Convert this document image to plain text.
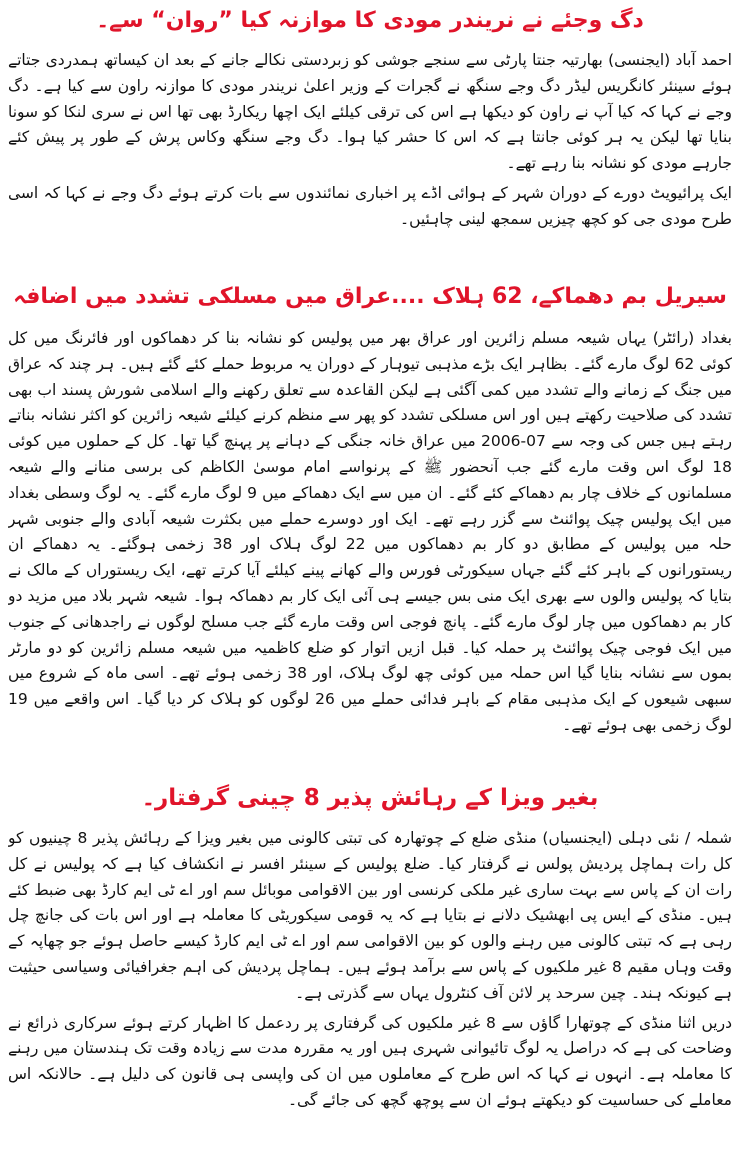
دگ وجئے نے نریندر مودی کا موازنہ کیا ”روان“ سے۔

احمد آباد (ایجنسی) بھارتیہ جنتا پارٹی سے سنجے جوشی کو زبردستی نکالے جانے کے بعد ان کیساتھ ہمدردی جتاتے ہوئے سینئر کانگریس لیڈر دگ وجے سنگھ نے گجرات کے وزیر اعلیٰ نریندر مودی کا موازنہ راون سے کیا ہے۔ دگ وجے نے کہا کہ کیا آپ نے راون کو دیکھا ہے اس کی ترقی کیلئے ایک اچھا ریکارڈ بھی تھا اس نے سری لنکا کو سونا بنایا تھا لیکن یہ ہر کوئی جانتا ہے کہ اس کا حشر کیا ہوا۔ دگ وجے سنگھ وکاس پرش کے طور پر پیش کئے جارہے مودی کو نشانہ بنا رہے تھے۔

ایک پرائیویٹ دورے کے دوران شہر کے ہوائی اڈے پر اخباری نمائندوں سے بات کرتے ہوئے دگ وجے نے کہا کہ اسی طرح مودی جی کو کچھ چیزیں سمجھ لینی چاہئیں۔

سیریل بم دھماکے، 62 ہلاک ....عراق میں مسلکی تشدد میں اضافہ

بغداد (رائٹر) یہاں شیعہ مسلم زائرین اور عراق بھر میں پولیس کو نشانہ بنا کر دھماکوں اور فائرنگ میں کل کوئی 62 لوگ مارے گئے۔ بظاہر ایک بڑے مذہبی تیوہار کے دوران یہ مربوط حملے کئے گئے ہیں۔ ہر چند کہ عراق میں جنگ کے زمانے والے تشدد میں کمی آگئی ہے لیکن القاعدہ سے تعلق رکھنے والے اسلامی شورش پسند اب بھی تشدد کی صلاحیت رکھتے ہیں اور اس مسلکی تشدد کو پھر سے منظم کرنے کیلئے شیعہ زائرین کو اکثر نشانہ بناتے رہتے ہیں جس کی وجہ سے 07-2006 میں عراق خانہ جنگی کے دہانے پر پہنچ گیا تھا۔ کل کے حملوں میں کوئی 18 لوگ اس وقت مارے گئے جب آنحضور ﷺ کے پرنواسے امام موسیٰ الکاظم کی برسی منانے والے شیعہ مسلمانوں کے خلاف چار بم دھماکے کئے گئے۔ ان میں سے ایک دھماکے میں 9 لوگ مارے گئے۔ یہ لوگ وسطی بغداد میں ایک پولیس چیک پوائنٹ سے گزر رہے تھے۔ ایک اور دوسرے حملے میں بکثرت شیعہ آبادی والے جنوبی شہر حلہ میں پولیس کے مطابق دو کار بم دھماکوں میں 22 لوگ ہلاک اور 38 زخمی ہوگئے۔ یہ دھماکے ان ریستورانوں کے باہر کئے گئے جہاں سیکورٹی فورس والے کھانے پینے کیلئے آیا کرتے تھے، ایک ریستوراں کے مالک نے بتایا کہ پولیس والوں سے بھری ایک منی بس جیسے ہی آئی ایک کار بم دھماکہ ہوا۔ شیعہ شہر بلاد میں مزید دو کار بم دھماکوں میں چار لوگ مارے گئے۔ پانچ فوجی اس وقت مارے گئے جب مسلح لوگوں نے راجدھانی کے جنوب میں ایک فوجی چیک پوائنٹ پر حملہ کیا۔ قبل ازیں اتوار کو ضلع کاظمیہ میں شیعہ مسلم زائرین کو دو مارٹر بموں سے نشانہ بنایا گیا اس حملہ میں کوئی چھ لوگ ہلاک، اور 38 زخمی ہوئے تھے۔ اسی ماہ کے شروع میں سبھی شیعوں کے ایک مذہبی مقام کے باہر فدائی حملے میں 26 لوگوں کو ہلاک کر دیا گیا۔ اس واقعے میں 19 لوگ زخمی بھی ہوئے تھے۔

بغیر ویزا کے رہائش پذیر 8 چینی گرفتار۔

شملہ / نئی دہلی (ایجنسیاں) منڈی ضلع کے چوتھارہ کی تبتی کالونی میں بغیر ویزا کے رہائش پذیر 8 چینیوں کو کل رات ہماچل پردیش پولس نے گرفتار کیا۔ ضلع پولیس کے سینئر افسر نے انکشاف کیا ہے کہ پولیس نے کل رات ان کے پاس سے بہت ساری غیر ملکی کرنسی اور بین الاقوامی موبائل سم اور اے ٹی ایم کارڈ بھی ضبط کئے ہیں۔ منڈی کے ایس پی ابھشیک دلانے نے بتایا ہے کہ یہ قومی سیکوریٹی کا معاملہ ہے اور اس بات کی جانچ چل رہی ہے کہ تبتی کالونی میں رہنے والوں کو بین الاقوامی سم اور اے ٹی ایم کارڈ کیسے حاصل ہوئے جو چھاپہ کے وقت وہاں مقیم 8 غیر ملکیوں کے پاس سے برآمد ہوئے ہیں۔ ہماچل پردیش کی اہم جغرافیائی وسیاسی حیثیت ہے کیونکہ ہند۔ چین سرحد پر لائن آف کنٹرول یہاں سے گذرتی ہے۔

دریں اثنا منڈی کے چوتھارا گاؤں سے 8 غیر ملکیوں کی گرفتاری پر ردعمل کا اظہار کرتے ہوئے سرکاری ذرائع نے وضاحت کی ہے کہ دراصل یہ لوگ تائیوانی شہری ہیں اور یہ مقررہ مدت سے زیادہ وقت تک ہندستان میں رہنے کا معاملہ ہے۔ انہوں نے کہا کہ اس طرح کے معاملوں میں ان کی واپسی ہی قانون کی دلیل ہے۔ حالانکہ اس معاملے کی حساسیت کو دیکھتے ہوئے ان سے پوچھ گچھ کی جائے گی۔
